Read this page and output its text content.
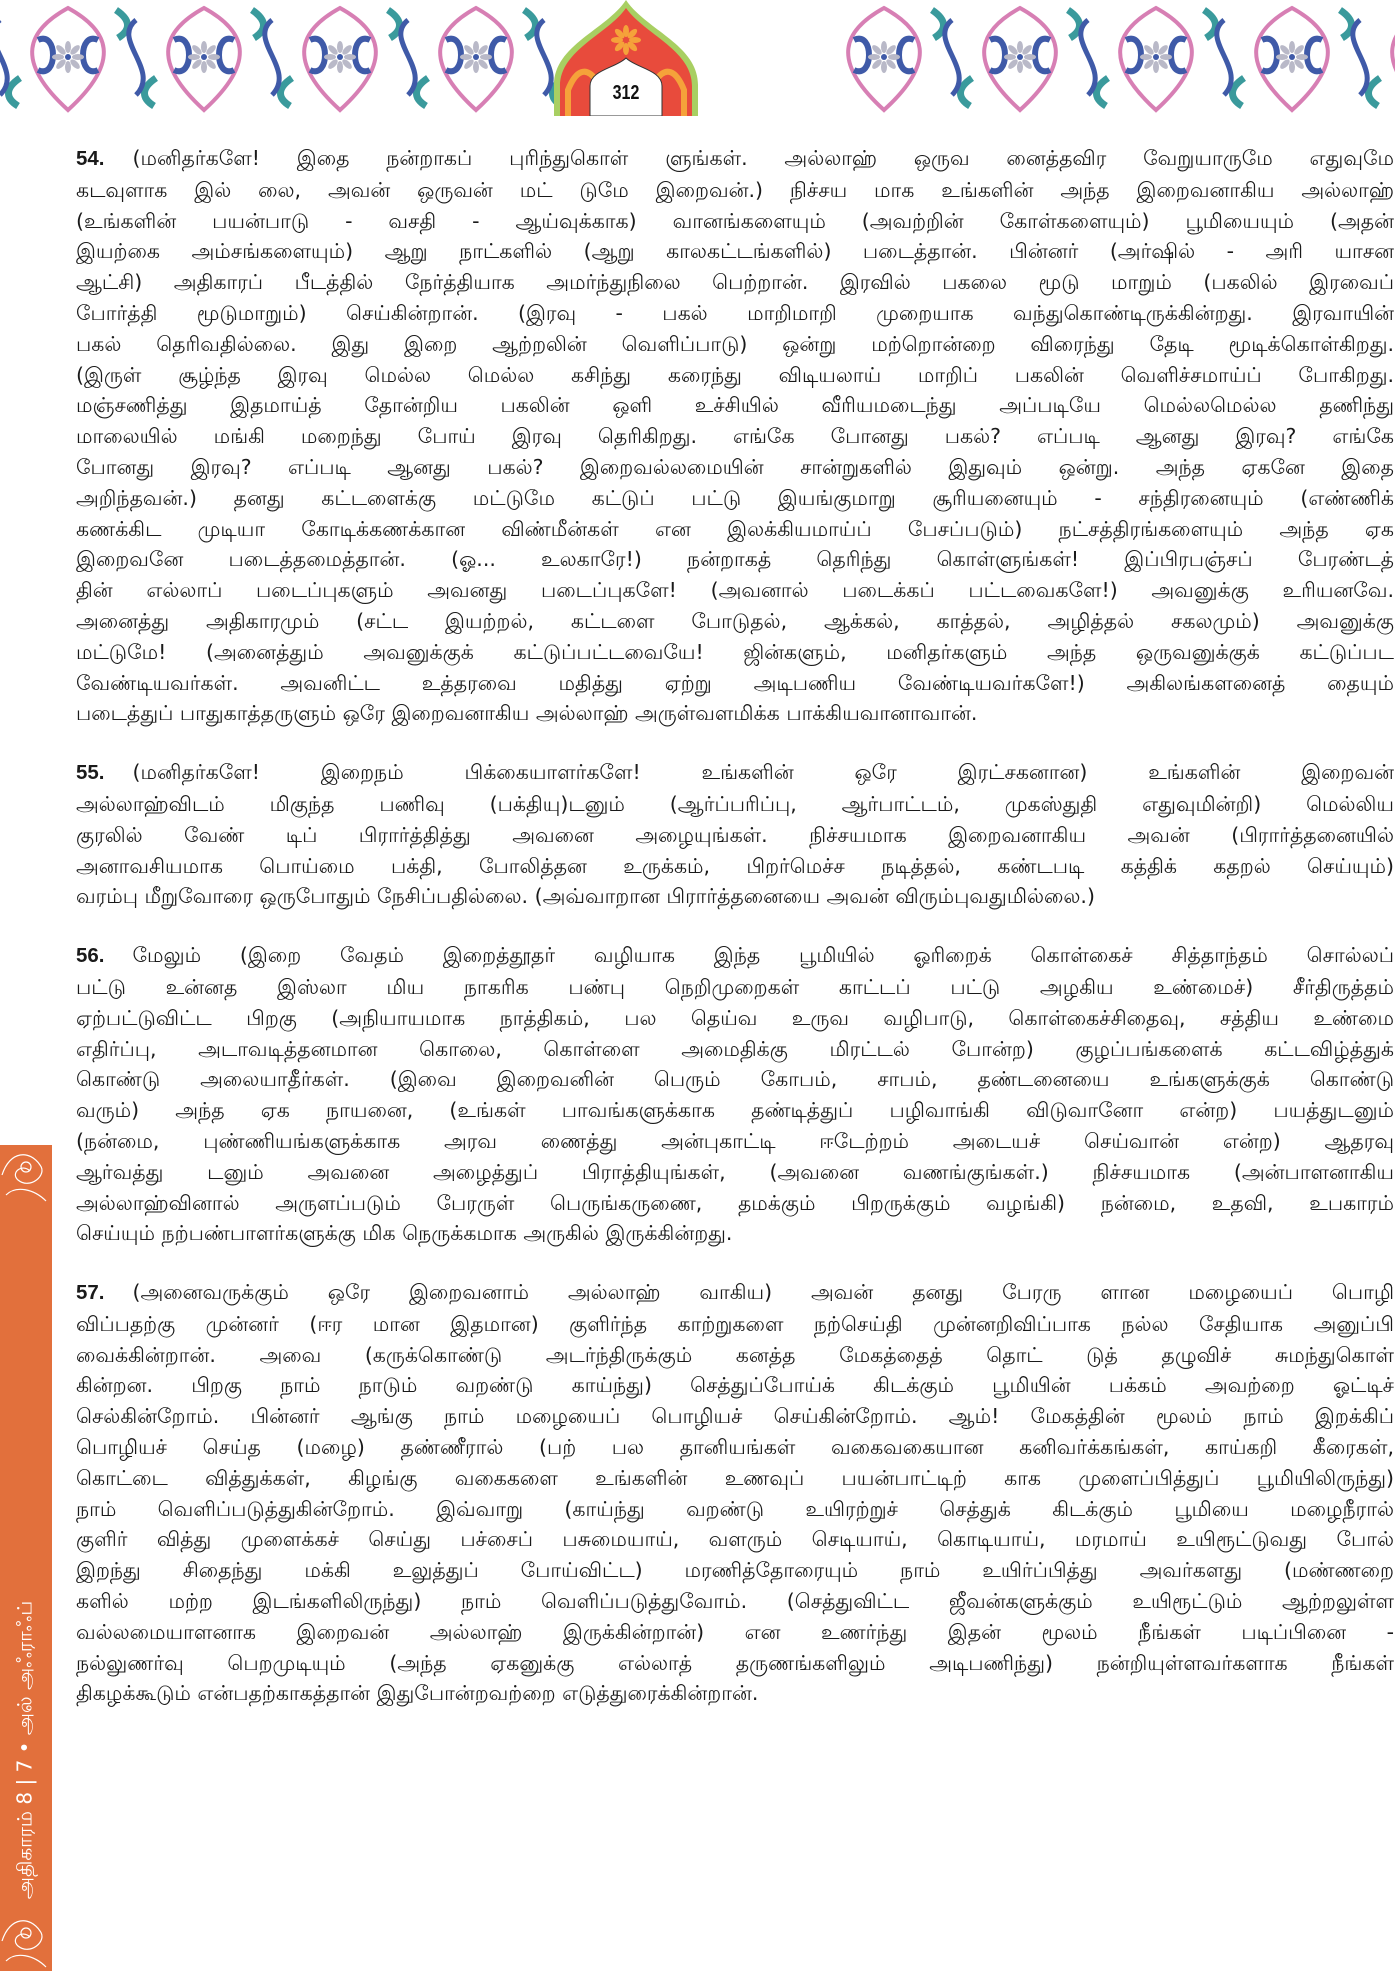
312
அதிகாரம் 8 | 7 • அல் அஃராஃப்
54. (மனிதர்களே! இதை நன்றாகப் புரிந்துகொள் ளுங்கள். அல்லாஹ் ஒருவ னைத்தவிர வேறுயாருமே எதுவுமே
கடவுளாக இல் லை, அவன் ஒருவன் மட் டுமே இறைவன்.) நிச்சய மாக உங்களின் அந்த இறைவனாகிய அல்லாஹ்
(உங்களின் பயன்பாடு - வசதி - ஆய்வுக்காக) வானங்களையும் (அவற்றின் கோள்களையும்) பூமியையும் (அதன்
இயற்கை அம்சங்களையும்) ஆறு நாட்களில் (ஆறு காலகட்டங்களில்) படைத்தான். பின்னர் (அர்ஷில் - அரி யாசன
ஆட்சி) அதிகாரப் பீடத்தில் நேர்த்தியாக அமர்ந்துநிலை பெற்றான். இரவில் பகலை மூடு மாறும் (பகலில் இரவைப்
போர்த்தி மூடுமாறும்) செய்கின்றான். (இரவு - பகல் மாறிமாறி முறையாக வந்துகொண்டிருக்கின்றது. இரவாயின்
பகல் தெரிவதில்லை. இது இறை ஆற்றலின் வெளிப்பாடு) ஒன்று மற்றொன்றை விரைந்து தேடி மூடிக்கொள்கிறது.
(இருள் சூழ்ந்த இரவு மெல்ல மெல்ல கசிந்து கரைந்து விடியலாய் மாறிப் பகலின் வெளிச்சமாய்ப் போகிறது.
மஞ்சணித்து இதமாய்த் தோன்றிய பகலின் ஒளி உச்சியில் வீரியமடைந்து அப்படியே மெல்லமெல்ல தணிந்து
மாலையில் மங்கி மறைந்து போய் இரவு தெரிகிறது. எங்கே போனது பகல்? எப்படி ஆனது இரவு? எங்கே
போனது இரவு? எப்படி ஆனது பகல்? இறைவல்லமையின் சான்றுகளில் இதுவும் ஒன்று. அந்த ஏகனே இதை
அறிந்தவன்.) தனது கட்டளைக்கு மட்டுமே கட்டுப் பட்டு இயங்குமாறு சூரியனையும் - சந்திரனையும் (எண்ணிக்
கணக்கிட முடியா கோடிக்கணக்கான விண்மீன்கள் என இலக்கியமாய்ப் பேசப்படும்) நட்சத்திரங்களையும் அந்த ஏக
இறைவனே படைத்தமைத்தான். (ஓ... உலகாரே!) நன்றாகத் தெரிந்து கொள்ளுங்கள்! இப்பிரபஞ்சப் பேரண்டத்
தின் எல்லாப் படைப்புகளும் அவனது படைப்புகளே! (அவனால் படைக்கப் பட்டவைகளே!) அவனுக்கு உரியனவே.
அனைத்து அதிகாரமும் (சட்ட இயற்றல், கட்டளை போடுதல், ஆக்கல், காத்தல், அழித்தல் சகலமும்) அவனுக்கு
மட்டுமே! (அனைத்தும் அவனுக்குக் கட்டுப்பட்டவையே! ஜின்களும், மனிதர்களும் அந்த ஒருவனுக்குக் கட்டுப்பட
வேண்டியவர்கள். அவனிட்ட உத்தரவை மதித்து ஏற்று அடிபணிய வேண்டியவர்களே!) அகிலங்களனைத் தையும்
படைத்துப் பாதுகாத்தருளும் ஒரே இறைவனாகிய அல்லாஹ் அருள்வளமிக்க பாக்கியவானாவான்.
55. (மனிதர்களே! இறைநம் பிக்கையாளர்களே! உங்களின் ஒரே இரட்சகனான) உங்களின் இறைவன்
அல்லாஹ்விடம் மிகுந்த பணிவு (பக்தியு)டனும் (ஆர்ப்பரிப்பு, ஆர்பாட்டம், முகஸ்துதி எதுவுமின்றி) மெல்லிய
குரலில் வேண் டிப் பிரார்த்தித்து அவனை அழையுங்கள். நிச்சயமாக இறைவனாகிய அவன் (பிரார்த்தனையில்
அனாவசியமாக பொய்மை பக்தி, போலித்தன உருக்கம், பிறர்மெச்ச நடித்தல், கண்டபடி கத்திக் கதறல் செய்யும்)
வரம்பு மீறுவோரை ஒருபோதும் நேசிப்பதில்லை. (அவ்வாறான பிரார்த்தனையை அவன் விரும்புவதுமில்லை.)
56. மேலும் (இறை வேதம் இறைத்தூதர் வழியாக இந்த பூமியில் ஓரிறைக் கொள்கைச் சித்தாந்தம் சொல்லப்
பட்டு உன்னத இஸ்லா மிய நாகரிக பண்பு நெறிமுறைகள் காட்டப் பட்டு அழகிய உண்மைச்) சீர்திருத்தம்
ஏற்பட்டுவிட்ட பிறகு (அநியாயமாக நாத்திகம், பல தெய்வ உருவ வழிபாடு, கொள்கைச்சிதைவு, சத்திய உண்மை
எதிர்ப்பு, அடாவடித்தனமான கொலை, கொள்ளை அமைதிக்கு மிரட்டல் போன்ற) குழப்பங்களைக் கட்டவிழ்த்துக்
கொண்டு அலையாதீர்கள். (இவை இறைவனின் பெரும் கோபம், சாபம், தண்டனையை உங்களுக்குக் கொண்டு
வரும்) அந்த ஏக நாயனை, (உங்கள் பாவங்களுக்காக தண்டித்துப் பழிவாங்கி விடுவானோ என்ற) பயத்துடனும்
(நன்மை, புண்ணியங்களுக்காக அரவ ணைத்து அன்புகாட்டி ஈடேற்றம் அடையச் செய்வான் என்ற) ஆதரவு
ஆர்வத்து டனும் அவனை அழைத்துப் பிராத்தியுங்கள், (அவனை வணங்குங்கள்.) நிச்சயமாக (அன்பாளனாகிய
அல்லாஹ்வினால் அருளப்படும் பேரருள் பெருங்கருணை, தமக்கும் பிறருக்கும் வழங்கி) நன்மை, உதவி, உபகாரம்
செய்யும் நற்பண்பாளர்களுக்கு மிக நெருக்கமாக அருகில் இருக்கின்றது.
57. (அனைவருக்கும் ஒரே இறைவனாம் அல்லாஹ் வாகிய) அவன் தனது பேரரு ளான மழையைப் பொழி
விப்பதற்கு முன்னர் (ஈர மான இதமான) குளிர்ந்த காற்றுகளை நற்செய்தி முன்னறிவிப்பாக நல்ல சேதியாக அனுப்பி
வைக்கின்றான். அவை (கருக்கொண்டு அடர்ந்திருக்கும் கனத்த மேகத்தைத் தொட் டுத் தழுவிச் சுமந்துகொள்
கின்றன. பிறகு நாம் நாடும் வறண்டு காய்ந்து) செத்துப்போய்க் கிடக்கும் பூமியின் பக்கம் அவற்றை ஓட்டிச்
செல்கின்றோம். பின்னர் ஆங்கு நாம் மழையைப் பொழியச் செய்கின்றோம். ஆம்! மேகத்தின் மூலம் நாம் இறக்கிப்
பொழியச் செய்த (மழை) தண்ணீரால் (பற் பல தானியங்கள் வகைவகையான கனிவர்க்கங்கள், காய்கறி கீரைகள்,
கொட்டை வித்துக்கள், கிழங்கு வகைகளை உங்களின் உணவுப் பயன்பாட்டிற் காக முளைப்பித்துப் பூமியிலிருந்து)
நாம் வெளிப்படுத்துகின்றோம். இவ்வாறு (காய்ந்து வறண்டு உயிரற்றுச் செத்துக் கிடக்கும் பூமியை மழைநீரால்
குளிர் வித்து முளைக்கச் செய்து பச்சைப் பசுமையாய், வளரும் செடியாய், கொடியாய், மரமாய் உயிரூட்டுவது போல்
இறந்து சிதைந்து மக்கி உலுத்துப் போய்விட்ட) மரணித்தோரையும் நாம் உயிர்ப்பித்து அவர்களது (மண்ணறை
களில் மற்ற இடங்களிலிருந்து) நாம் வெளிப்படுத்துவோம். (செத்துவிட்ட ஜீவன்களுக்கும் உயிரூட்டும் ஆற்றலுள்ள
வல்லமையாளனாக இறைவன் அல்லாஹ் இருக்கின்றான்) என உணர்ந்து இதன் மூலம் நீங்கள் படிப்பினை -
நல்லுணர்வு பெறமுடியும் (அந்த ஏகனுக்கு எல்லாத் தருணங்களிலும் அடிபணிந்து) நன்றியுள்ளவர்களாக நீங்கள்
திகழக்கூடும் என்பதற்காகத்தான் இதுபோன்றவற்றை எடுத்துரைக்கின்றான்.
